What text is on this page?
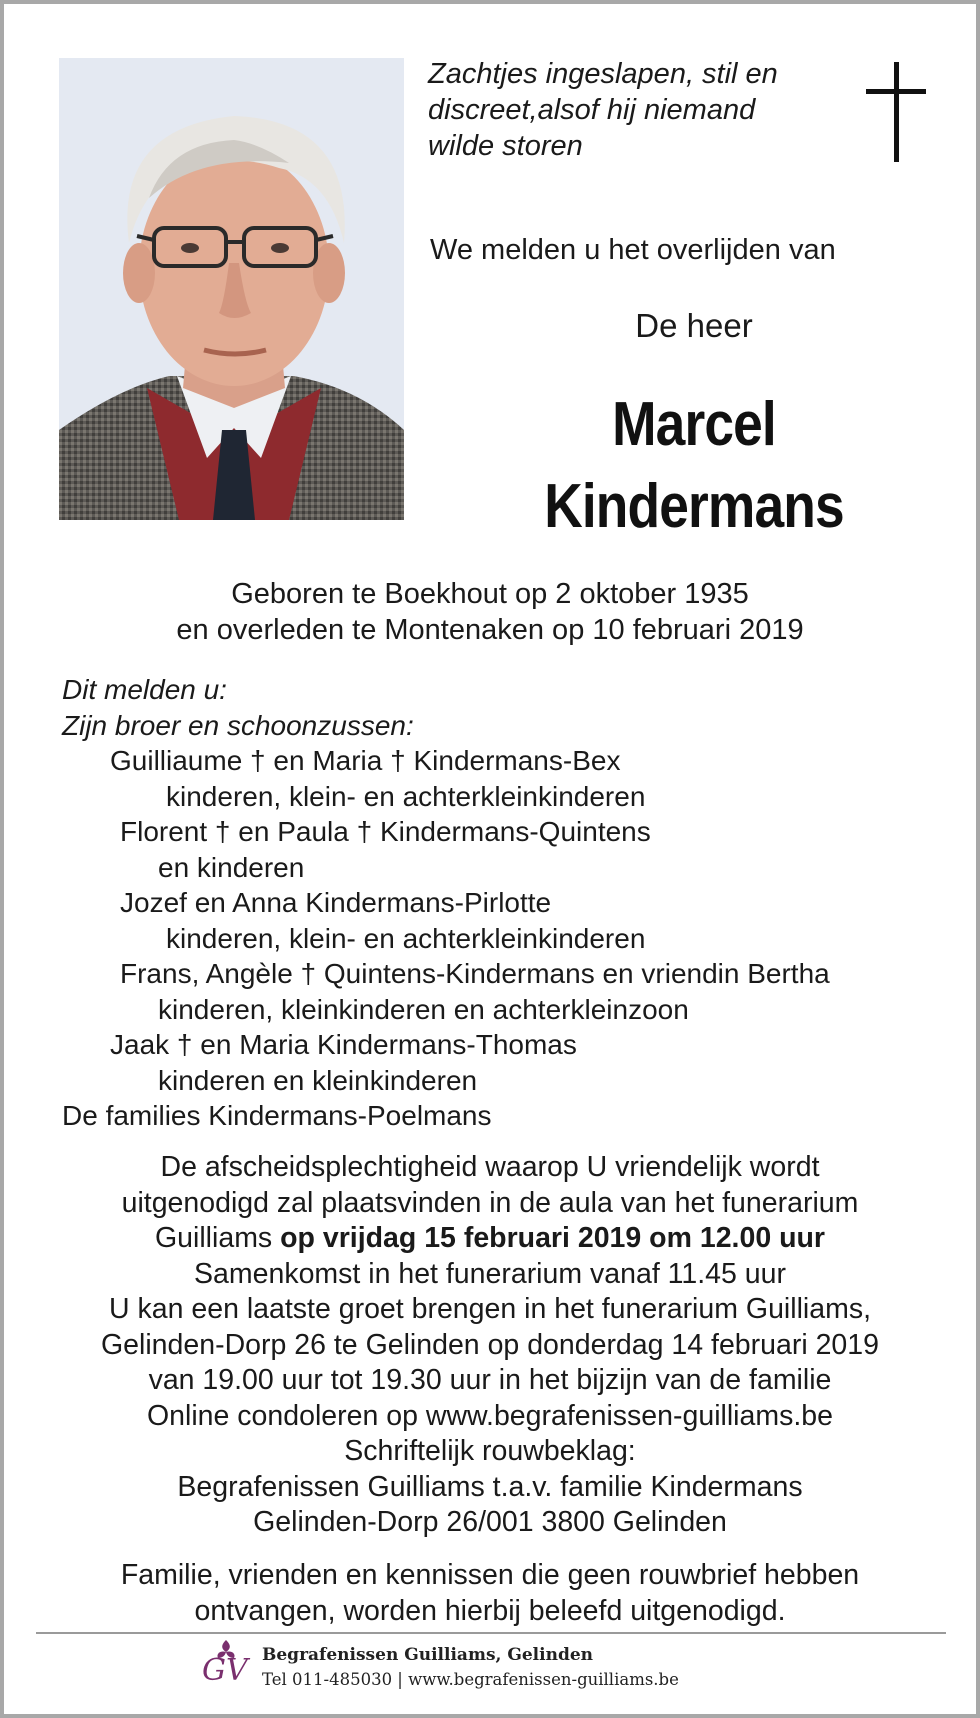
Zachtjes ingeslapen, stil en
discreet,alsof hij niemand
wilde storen
We melden u het overlijden van
De heer
Marcel
Kindermans
Geboren te Boekhout op 2 oktober 1935
en overleden te Montenaken op 10 februari 2019
Dit melden u:
Zijn broer en schoonzussen:
Guilliaume † en Maria † Kindermans-Bex
kinderen, klein- en achterkleinkinderen
Florent † en Paula † Kindermans-Quintens
en kinderen
Jozef en Anna Kindermans-Pirlotte
kinderen, klein- en achterkleinkinderen
Frans, Angèle † Quintens-Kindermans en vriendin Bertha
kinderen, kleinkinderen en achterkleinzoon
Jaak † en Maria Kindermans-Thomas
kinderen en kleinkinderen
De families Kindermans-Poelmans
De afscheidsplechtigheid waarop U vriendelijk wordt
uitgenodigd zal plaatsvinden in de aula van het funerarium
Guilliams op vrijdag 15 februari 2019 om 12.00 uur
Samenkomst in het funerarium vanaf 11.45 uur
U kan een laatste groet brengen in het funerarium Guilliams,
Gelinden-Dorp 26 te Gelinden op donderdag 14 februari 2019
van 19.00 uur tot 19.30 uur in het bijzijn van de familie
Online condoleren op www.begrafenissen-guilliams.be
Schriftelijk rouwbeklag:
Begrafenissen Guilliams t.a.v. familie Kindermans
Gelinden-Dorp 26/001 3800 Gelinden
Familie, vrienden en kennissen die geen rouwbrief hebben
ontvangen, worden hierbij beleefd uitgenodigd.
GV Begrafenissen Guilliams, Gelinden
Tel 011-485030 | www.begrafenissen-guilliams.be
